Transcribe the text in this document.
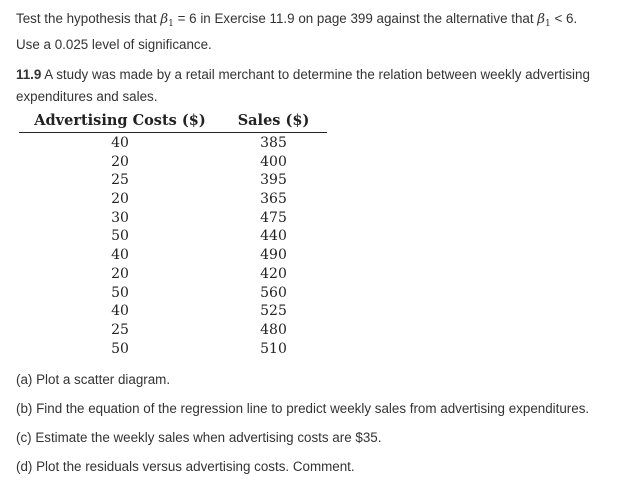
Test the hypothesis that $\beta_1 = 6$ in Exercise 11.9 on page 399 against the alternative that $\beta_1 < 6$.

Use a 0.025 level of significance.

11.9 A study was made by a retail merchant to determine the relation between weekly advertising

expenditures and sales.

Advertising Costs ($)	Sales ($)
40	385
20	400
25	395
20	365
30	475
50	440
40	490
20	420
50	560
40	525
25	480
50	510

(a) Plot a scatter diagram.

(b) Find the equation of the regression line to predict weekly sales from advertising expenditures.

(c) Estimate the weekly sales when advertising costs are $35.

(d) Plot the residuals versus advertising costs. Comment.
